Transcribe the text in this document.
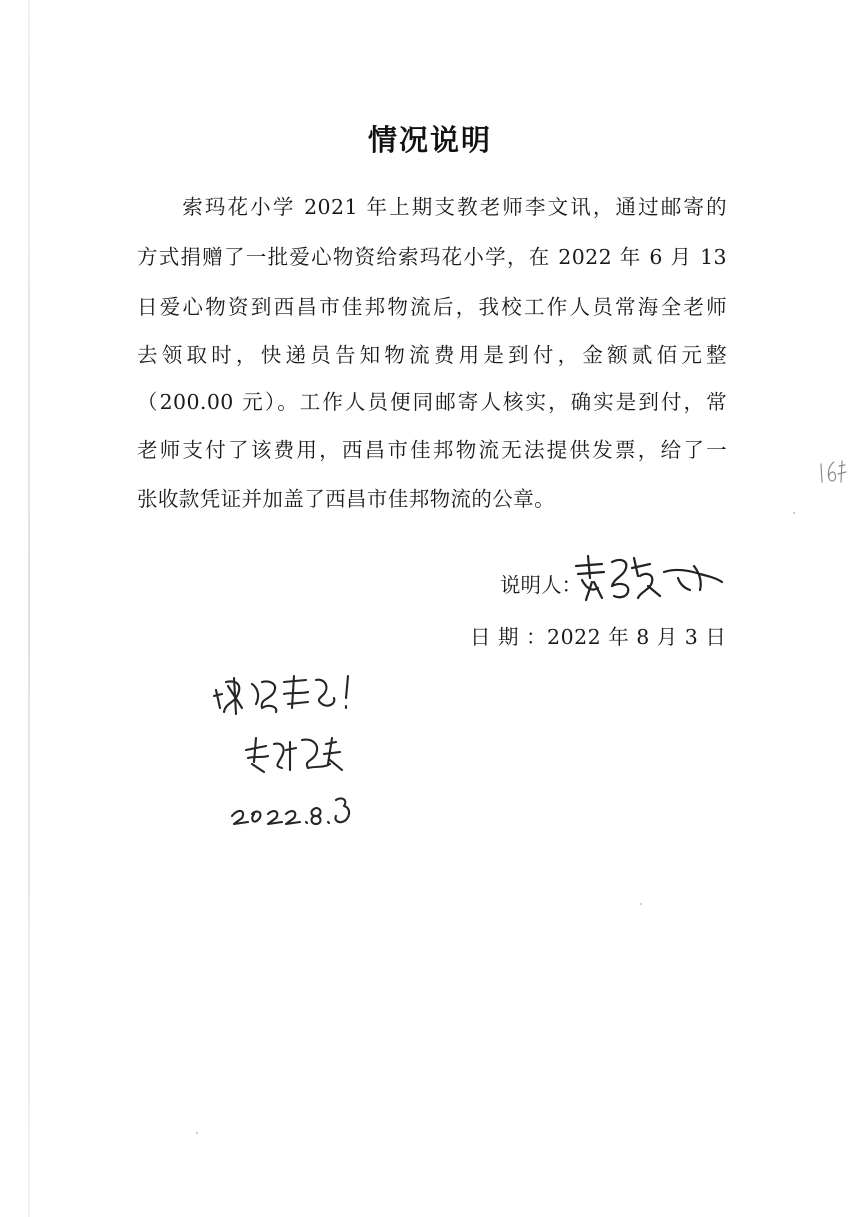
情况说明
　　索玛花小学 2021 年上期支教老师李文讯，通过邮寄的
方式捐赠了一批爱心物资给索玛花小学，在 2022 年 6 月 13
日爱心物资到西昌市佳邦物流后，我校工作人员常海全老师
去领取时，快递员告知物流费用是到付，金额贰佰元整
（200.00 元）。工作人员便同邮寄人核实，确实是到付，常
老师支付了该费用，西昌市佳邦物流无法提供发票，给了一
张收款凭证并加盖了西昌市佳邦物流的公章。
说明人：
日 期 ：2022 年 8 月 3 日
